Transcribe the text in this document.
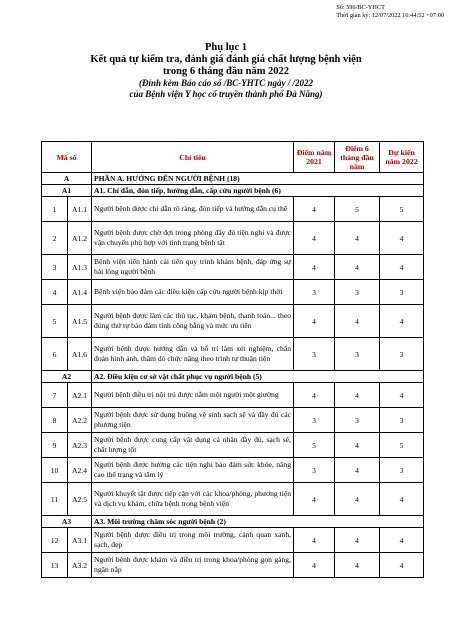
Số: 596/BC-YHCT
Thời gian ký: 12/07/2022 16:44:52 +07:00
Phụ lục 1
Kết quả tự kiểm tra, đánh giá đánh giá chất lượng bệnh viện
trong 6 tháng đầu năm 2022
(Đính kèm Báo cáo số /BC-YHTC ngày / /2022
của Bệnh viện Y học cổ truyền thành phố Đà Nẵng)
Mã số		Chỉ tiêu	Điểm năm 2021	Điểm 6 tháng đầu năm	Dự kiến năm 2022
A		PHẦN A. HƯỚNG ĐẾN NGƯỜI BỆNH (18)			
A1		A1. Chỉ dẫn, đón tiếp, hướng dẫn, cấp cứu người bệnh (6)			
1	A1.1	Người bệnh được chỉ dẫn rõ ràng, đón tiếp và hướng dẫn cụ thể	4	5	5
2	A1.2	Người bệnh được chờ đợi trong phòng đầy đủ tiện nghi và được vận chuyển phù hợp với tình trạng bệnh tật	4	4	4
3	A1.3	Bệnh viện tiến hành cải tiến quy trình khám bệnh, đáp ứng sự hài lòng người bệnh	4	4	4
4	A1.4	Bệnh viện bảo đảm các điều kiện cấp cứu người bệnh kịp thời	3	3	3
5	A1.5	Người bệnh được làm các thủ tục, khám bệnh, thanh toán... theo đúng thứ tự bảo đảm tính công bằng và mức ưu tiên	4	4	4
6	A1.6	Người bệnh được hướng dẫn và bố trí làm xét nghiệm, chẩn đoán hình ảnh, thăm dò chức năng theo trình tự thuận tiện	3	3	3
A2		A2. Điều kiện cơ sở vật chất phục vụ người bệnh (5)			
7	A2.1	Người bệnh điều trị nội trú được nằm một người một giường	4	4	4
8	A2.2	Người bệnh được sử dụng buồng vệ sinh sạch sẽ và đầy đủ các phương tiện	3	3	3
9	A2.3	Người bệnh được cung cấp vật dụng cá nhân đầy đủ, sạch sẽ, chất lượng tốt	5	4	5
10	A2.4	Người bệnh được hưởng các tiện nghi bảo đảm sức khỏe, nâng cao thể trạng và tâm lý	3	4	3
11	A2.5	Người khuyết tật được tiếp cận với các khoa/phòng, phương tiện và dịch vụ khám, chữa bệnh trong bệnh viện	4	4	4
A3		A3. Môi trường chăm sóc người bệnh (2)			
12	A3.1	Người bệnh được điều trị trong môi trường, cảnh quan xanh, sạch, đẹp	4	4	4
13	A3.2	Người bệnh được khám và điều trị trong khoa/phòng gọn gàng, ngăn nắp	4	4	4
